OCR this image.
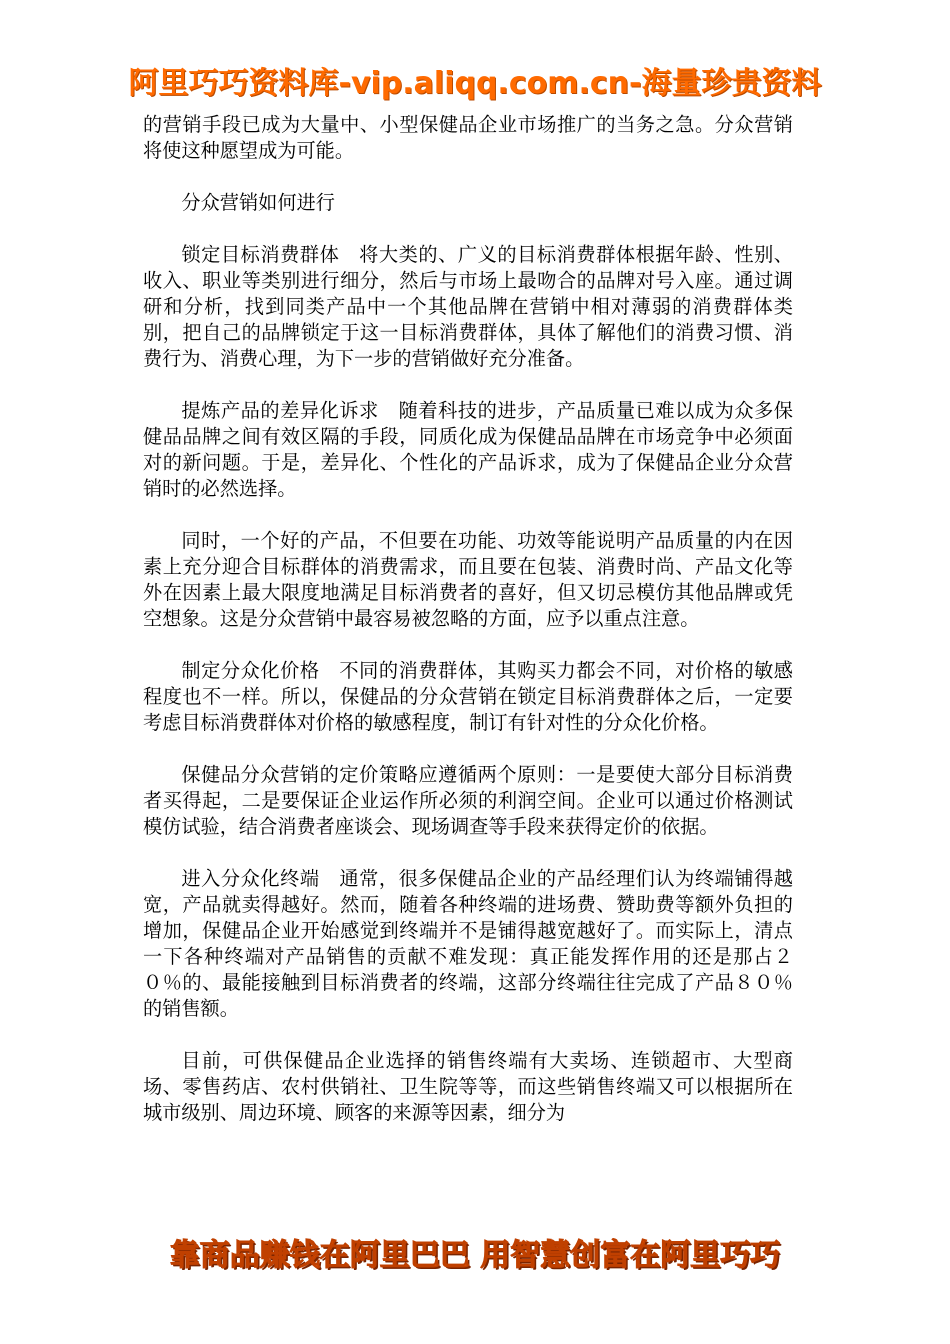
阿里巧巧资料库-vip.aliqq.com.cn-海量珍贵资料

的营销手段已成为大量中、小型保健品企业市场推广的当务之急。分众营销将使这种愿望成为可能。

分众营销如何进行

锁定目标消费群体　将大类的、广义的目标消费群体根据年龄、性别、收入、职业等类别进行细分，然后与市场上最吻合的品牌对号入座。通过调研和分析，找到同类产品中一个其他品牌在营销中相对薄弱的消费群体类别，把自己的品牌锁定于这一目标消费群体，具体了解他们的消费习惯、消费行为、消费心理，为下一步的营销做好充分准备。

提炼产品的差异化诉求　随着科技的进步，产品质量已难以成为众多保健品品牌之间有效区隔的手段，同质化成为保健品品牌在市场竞争中必须面对的新问题。于是，差异化、个性化的产品诉求，成为了保健品企业分众营销时的必然选择。

同时，一个好的产品，不但要在功能、功效等能说明产品质量的内在因素上充分迎合目标群体的消费需求，而且要在包装、消费时尚、产品文化等外在因素上最大限度地满足目标消费者的喜好，但又切忌模仿其他品牌或凭空想象。这是分众营销中最容易被忽略的方面，应予以重点注意。

制定分众化价格　不同的消费群体，其购买力都会不同，对价格的敏感程度也不一样。所以，保健品的分众营销在锁定目标消费群体之后，一定要考虑目标消费群体对价格的敏感程度，制订有针对性的分众化价格。

保健品分众营销的定价策略应遵循两个原则：一是要使大部分目标消费者买得起，二是要保证企业运作所必须的利润空间。企业可以通过价格测试模仿试验，结合消费者座谈会、现场调查等手段来获得定价的依据。

进入分众化终端　通常，很多保健品企业的产品经理们认为终端铺得越宽，产品就卖得越好。然而，随着各种终端的进场费、赞助费等额外负担的增加，保健品企业开始感觉到终端并不是铺得越宽越好了。而实际上，清点一下各种终端对产品销售的贡献不难发现：真正能发挥作用的还是那占２０％的、最能接触到目标消费者的终端，这部分终端往往完成了产品８０％的销售额。

目前，可供保健品企业选择的销售终端有大卖场、连锁超市、大型商场、零售药店、农村供销社、卫生院等等，而这些销售终端又可以根据所在城市级别、周边环境、顾客的来源等因素，细分为

靠商品赚钱在阿里巴巴 用智慧创富在阿里巧巧
